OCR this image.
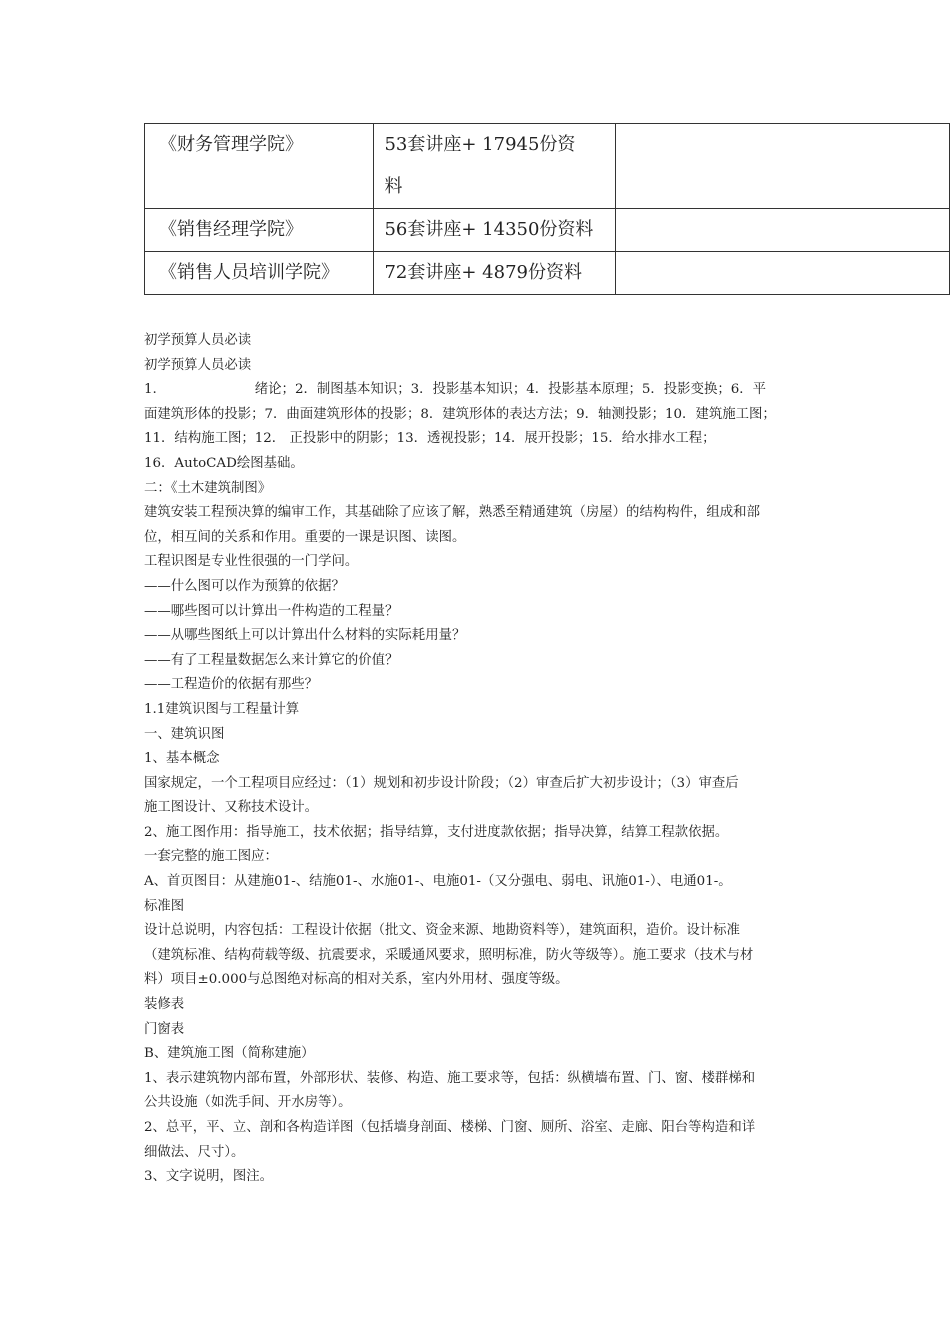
《财务管理学院》	53套讲座+ 17945份资
料	

《销售经理学院》	56套讲座+ 14350份资料	
《销售人员培训学院》	72套讲座+ 4879份资料	

初学预算人员必读

初学预算人员必读

1.	绪论；2．制图基本知识；3．投影基本知识；4．投影基本原理；5．投影变换；6．平

面建筑形体的投影；7．曲面建筑形体的投影；8．建筑形体的表达方法；9．轴测投影；10．建筑施工图；

11．结构施工图；12． 正投影中的阴影；13．透视投影；14．展开投影；15．给水排水工程；

16．AutoCAD绘图基础。

二：《土木建筑制图》

建筑安装工程预决算的编审工作，其基础除了应该了解，熟悉至精通建筑（房屋）的结构构件，组成和部

位，相互间的关系和作用。重要的一课是识图、读图。

工程识图是专业性很强的一门学问。

——什么图可以作为预算的依据？

——哪些图可以计算出一件构造的工程量？

——从哪些图纸上可以计算出什么材料的实际耗用量？

——有了工程量数据怎么来计算它的价值？

——工程造价的依据有那些？

1.1建筑识图与工程量计算

一、建筑识图

1、基本概念

国家规定，一个工程项目应经过：（1）规划和初步设计阶段；（2）审查后扩大初步设计；（3）审查后

施工图设计、又称技术设计。

2、施工图作用：指导施工，技术依据；指导结算，支付进度款依据；指导决算，结算工程款依据。

一套完整的施工图应：

A、首页图目：从建施01-、结施01-、水施01-、电施01-（又分强电、弱电、讯施01-）、电通01-。

标准图

设计总说明，内容包括：工程设计依据（批文、资金来源、地勘资料等），建筑面积，造价。设计标准

（建筑标准、结构荷载等级、抗震要求，采暖通风要求，照明标准，防火等级等）。施工要求（技术与材

料）项目±0.000与总图绝对标高的相对关系，室内外用材、强度等级。

装修表

门窗表

B、建筑施工图（简称建施）

1、表示建筑物内部布置，外部形状、装修、构造、施工要求等，包括：纵横墙布置、门、窗、楼群梯和

公共设施（如洗手间、开水房等）。

2、总平，平、立、剖和各构造详图（包括墙身剖面、楼梯、门窗、厕所、浴室、走廊、阳台等构造和详

细做法、尺寸）。

3、文字说明，图注。
